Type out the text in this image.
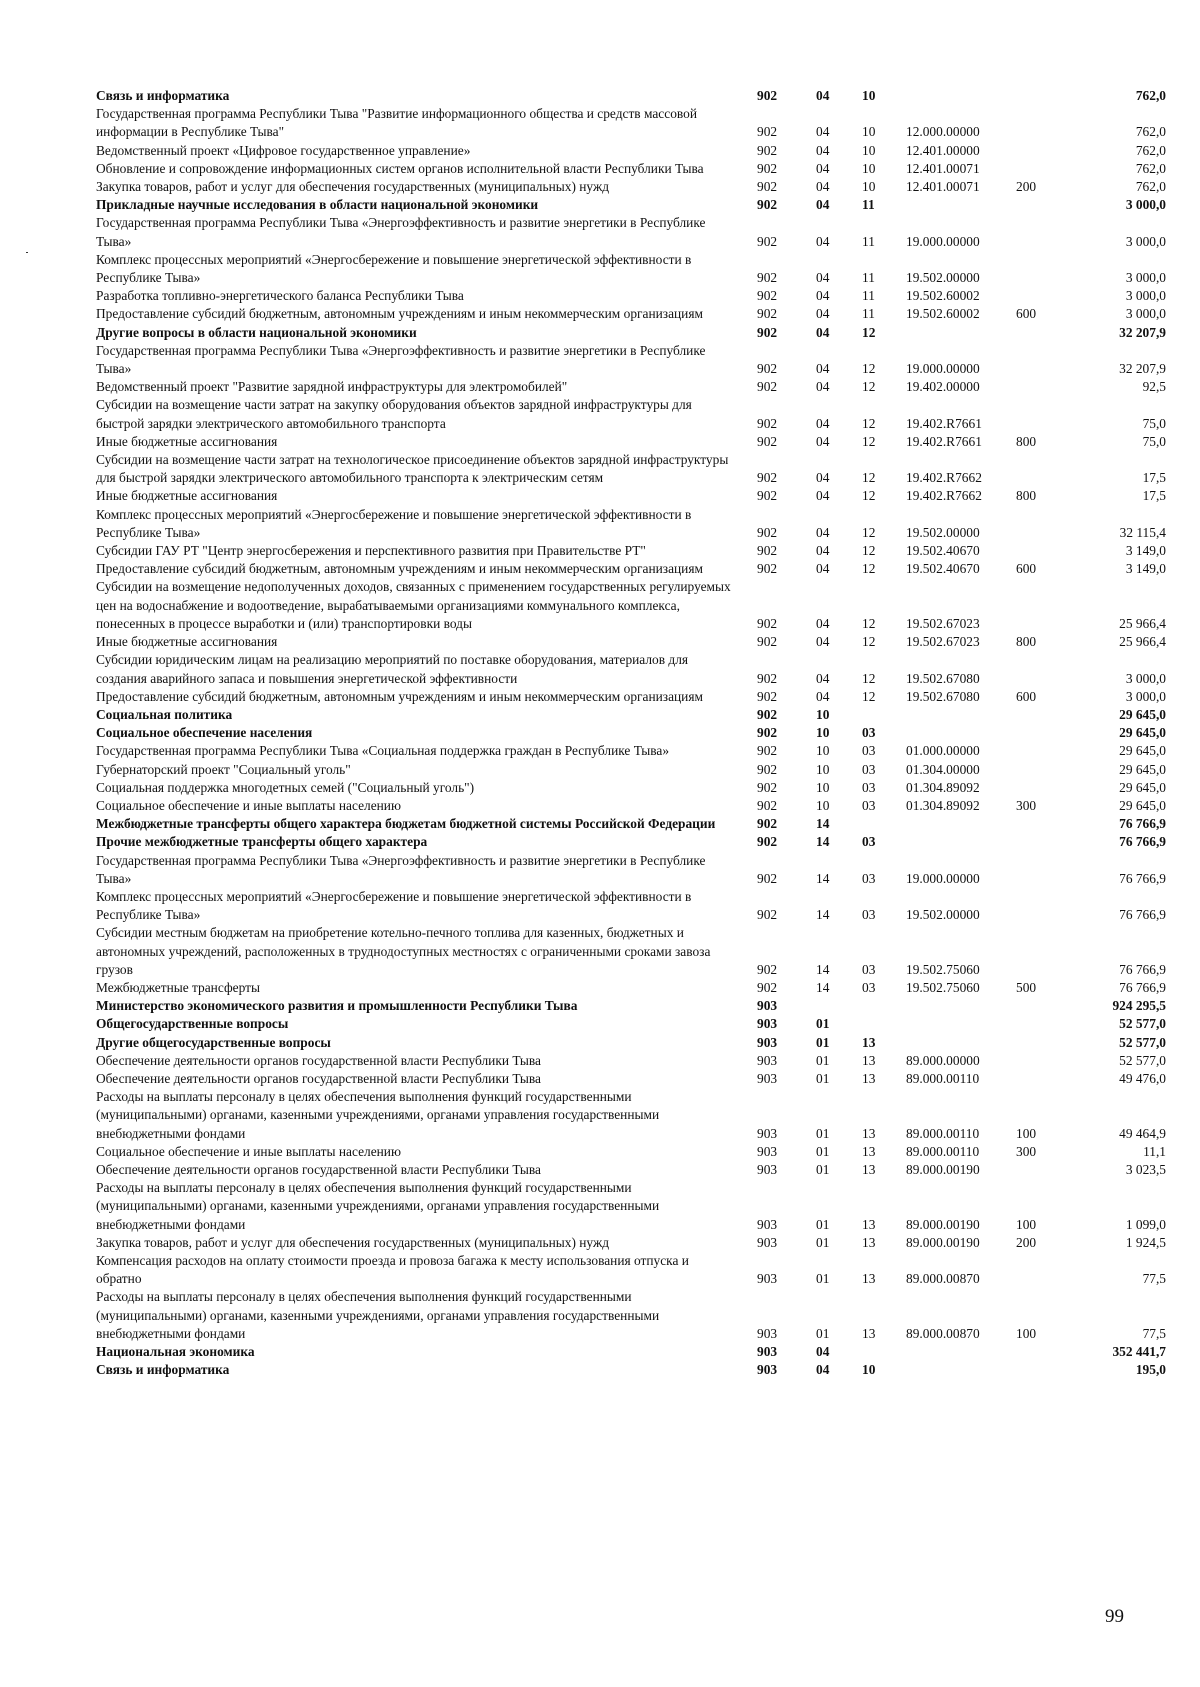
Связь и информатика	902	04 10	762,0
Государственная программа Республики Тыва "Развитие информационного общества и средств массовой информации в Республике Тыва"	902	04 10 12.000.00000	762,0
Ведомственный проект «Цифровое государственное управление»	902	04 10 12.401.00000	762,0
Обновление и сопровождение информационных систем органов исполнительной власти Республики Тыва	902	04 10 12.401.00071	762,0
Закупка товаров, работ и услуг для обеспечения государственных (муниципальных) нужд	902	04 10 12.401.00071	200	762,0
Прикладные научные исследования в области национальной экономики	902	04 11	3 000,0
Государственная программа Республики Тыва «Энергоэффективность и развитие энергетики в Республике Тыва»	902	04 11 19.000.00000	3 000,0
Комплекс процессных мероприятий «Энергосбережение и повышение энергетической эффективности в Республике Тыва»	902	04 11 19.502.00000	3 000,0
Разработка топливно-энергетического баланса Республики Тыва	902	04 11 19.502.60002	3 000,0
Предоставление субсидий бюджетным, автономным учреждениям и иным некоммерческим организациям	902	04 11 19.502.60002	600	3 000,0
Другие вопросы в области национальной экономики	902	04 12	32 207,9
Государственная программа Республики Тыва «Энергоэффективность и развитие энергетики в Республике Тыва»	902	04 12 19.000.00000	32 207,9
Ведомственный проект "Развитие зарядной инфраструктуры для электромобилей"	902	04 12 19.402.00000	92,5
Субсидии на возмещение части затрат на закупку оборудования объектов зарядной инфраструктуры для быстрой зарядки электрического автомобильного транспорта	902	04 12 19.402.R7661	75,0
Иные бюджетные ассигнования	902	04 12 19.402.R7661	800	75,0
Субсидии на возмещение части затрат на технологическое присоединение объектов зарядной инфраструктуры для быстрой зарядки электрического автомобильного транспорта к электрическим сетям	902	04 12 19.402.R7662	17,5
Иные бюджетные ассигнования	902	04 12 19.402.R7662	800	17,5
Комплекс процессных мероприятий «Энергосбережение и повышение энергетической эффективности в Республике Тыва»	902	04 12 19.502.00000	32 115,4
Субсидии ГАУ РТ "Центр энергосбережения и перспективного развития при Правительстве РТ"	902	04 12 19.502.40670	3 149,0
Предоставление субсидий бюджетным, автономным учреждениям и иным некоммерческим организациям	902	04 12 19.502.40670	600	3 149,0
Субсидии на возмещение недополученных доходов, связанных с применением государственных регулируемых цен на водоснабжение и водоотведение, вырабатываемыми организациями коммунального комплекса, понесенных в процессе выработки и (или) транспортировки воды	902	04 12 19.502.67023	25 966,4
Иные бюджетные ассигнования	902	04 12 19.502.67023	800	25 966,4
Субсидии юридическим лицам на реализацию мероприятий по поставке оборудования, материалов для создания аварийного запаса и повышения энергетической эффективности	902	04 12 19.502.67080	3 000,0
Предоставление субсидий бюджетным, автономным учреждениям и иным некоммерческим организациям	902	04 12 19.502.67080	600	3 000,0
Социальная политика	902	10	29 645,0
Социальное обеспечение населения	902	10 03	29 645,0
Государственная программа Республики Тыва «Социальная поддержка граждан в Республике Тыва»	902	10 03 01.000.00000	29 645,0
Губернаторский проект "Социальный уголь"	902	10 03 01.304.00000	29 645,0
Социальная поддержка многодетных семей ("Социальный уголь")	902	10 03 01.304.89092	29 645,0
Социальное обеспечение и иные выплаты населению	902	10 03 01.304.89092	300	29 645,0
Межбюджетные трансферты общего характера бюджетам бюджетной системы Российской Федерации	902	14	76 766,9
Прочие межбюджетные трансферты общего характера	902	14 03	76 766,9
Государственная программа Республики Тыва «Энергоэффективность и развитие энергетики в Республике Тыва»	902	14 03 19.000.00000	76 766,9
Комплекс процессных мероприятий «Энергосбережение и повышение энергетической эффективности в Республике Тыва»	902	14 03 19.502.00000	76 766,9
Субсидии местным бюджетам на приобретение котельно-печного топлива для казенных, бюджетных и автономных учреждений, расположенных в труднодоступных местностях с ограниченными сроками завоза грузов	902	14 03 19.502.75060	76 766,9
Межбюджетные трансферты	902	14 03 19.502.75060	500	76 766,9
Министерство экономического развития и промышленности Республики Тыва	903	924 295,5
Общегосударственные вопросы	903	01	52 577,0
Другие общегосударственные вопросы	903	01 13	52 577,0
Обеспечение деятельности органов государственной власти Республики Тыва	903	01 13 89.000.00000	52 577,0
Обеспечение деятельности органов государственной власти Республики Тыва	903	01 13 89.000.00110	49 476,0
Расходы на выплаты персоналу в целях обеспечения выполнения функций государственными (муниципальными) органами, казенными учреждениями, органами управления государственными внебюджетными фондами	903	01 13 89.000.00110	100	49 464,9
Социальное обеспечение и иные выплаты населению	903	01 13 89.000.00110	300	11,1
Обеспечение деятельности органов государственной власти Республики Тыва	903	01 13 89.000.00190	3 023,5
Расходы на выплаты персоналу в целях обеспечения выполнения функций государственными (муниципальными) органами, казенными учреждениями, органами управления государственными внебюджетными фондами	903	01 13 89.000.00190	100	1 099,0
Закупка товаров, работ и услуг для обеспечения государственных (муниципальных) нужд	903	01 13 89.000.00190	200	1 924,5
Компенсация расходов на оплату стоимости проезда и провоза багажа к месту использования отпуска и обратно	903	01 13 89.000.00870	77,5
Расходы на выплаты персоналу в целях обеспечения выполнения функций государственными (муниципальными) органами, казенными учреждениями, органами управления государственными внебюджетными фондами	903	01 13 89.000.00870	100	77,5
Национальная экономика	903	04	352 441,7
Связь и информатика	903	04 10	195,0
99
